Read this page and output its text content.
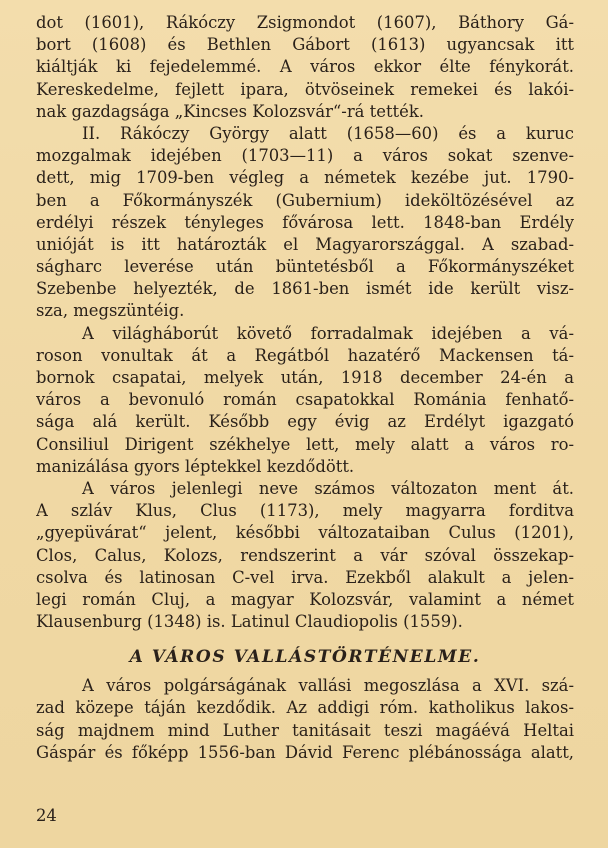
dot (1601), Rákóczy Zsigmondot (1607), Báthory Gá-
bort (1608) és Bethlen Gábort (1613) ugyancsak itt
kiáltják ki fejedelemmé. A város ekkor élte fénykorát.
Kereskedelme, fejlett ipara, ötvöseinek remekei és lakói-
nak gazdagsága „Kincses Kolozsvár“-rá tették.
II. Rákóczy György alatt (1658—60) és a kuruc
mozgalmak idejében (1703—11) a város sokat szenve-
dett, mig 1709-ben végleg a németek kezébe jut. 1790-
ben a Főkormányszék (Gubernium) ideköltözésével az
erdélyi részek tényleges fővárosa lett. 1848-ban Erdély
unióját is itt határozták el Magyarországgal. A szabad-
ságharc leverése után büntetésből a Főkormányszéket
Szebenbe helyezték, de 1861-ben ismét ide került visz-
sza, megszüntéig.
A világháborút követő forradalmak idejében a vá-
roson vonultak át a Regátból hazatérő Mackensen tá-
bornok csapatai, melyek után, 1918 december 24-én a
város a bevonuló román csapatokkal Románia fenhatő-
sága alá került. Később egy évig az Erdélyt igazgató
Consiliul Dirigent székhelye lett, mely alatt a város ro-
manizálása gyors léptekkel kezdődött.
A város jelenlegi neve számos változaton ment át.
A szláv Klus, Clus (1173), mely magyarra forditva
„gyepüvárat“ jelent, későbbi változataiban Culus (1201),
Clos, Calus, Kolozs, rendszerint a vár szóval összekap-
csolva és latinosan C-vel irva. Ezekből alakult a jelen-
legi román Cluj, a magyar Kolozsvár, valamint a német
Klausenburg (1348) is. Latinul Claudiopolis (1559).
A VÁROS VALLÁSTÖRTÉNELME.
A város polgárságának vallási megoszlása a XVI. szá-
zad közepe táján kezdődik. Az addigi róm. katholikus lakos-
ság majdnem mind Luther tanitásait teszi magáévá Heltai
Gáspár és főképp 1556-ban Dávid Ferenc plébánossága alatt,
24
